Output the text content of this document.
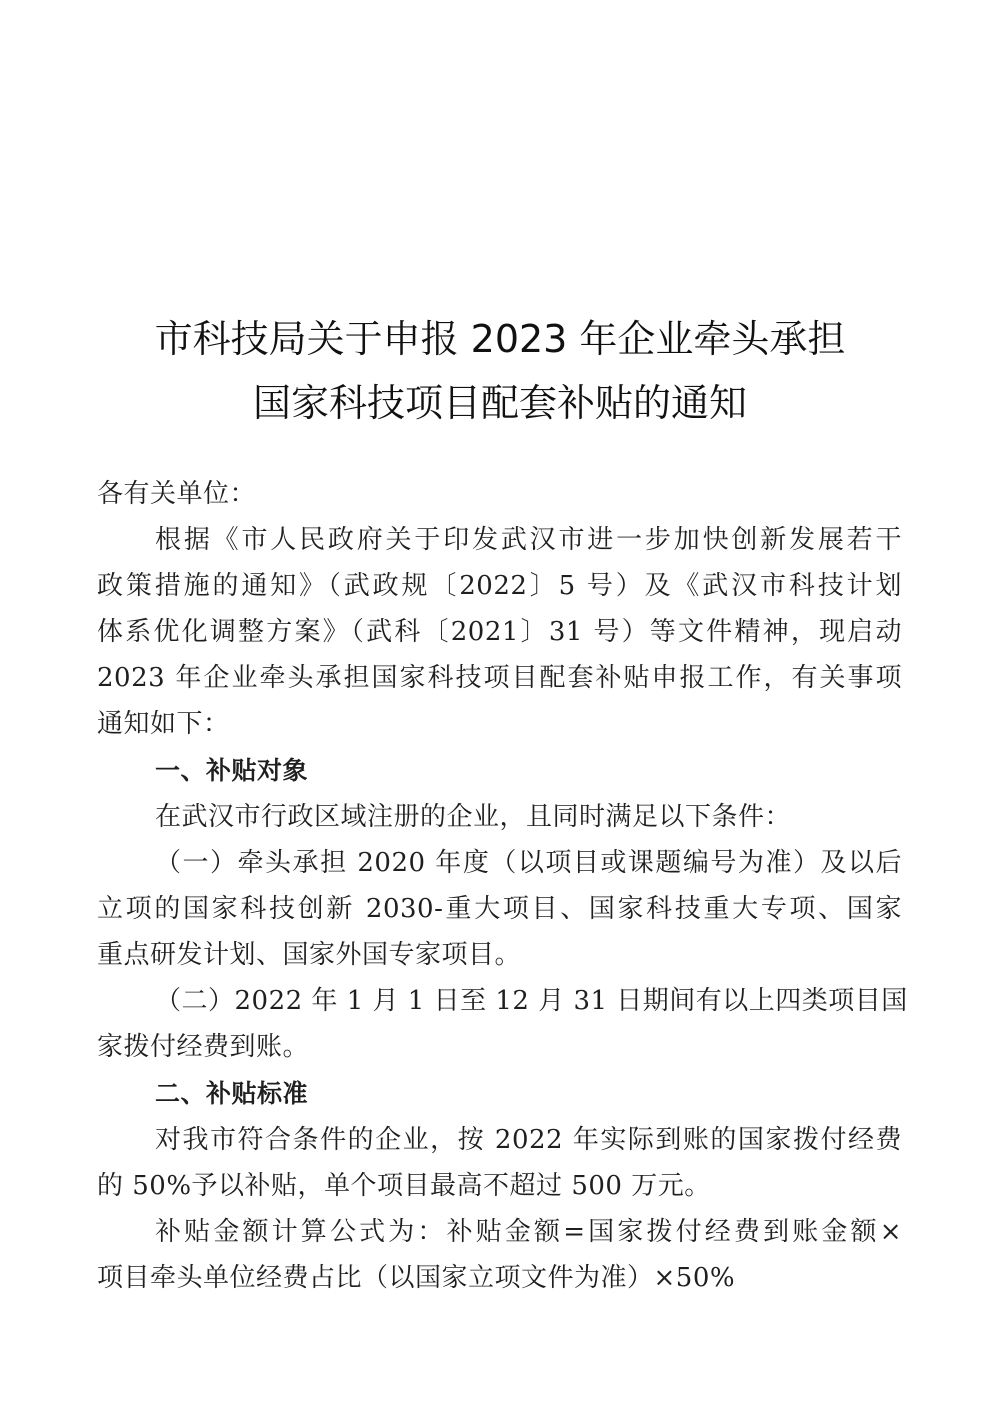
市科技局关于申报 2023 年企业牵头承担
国家科技项目配套补贴的通知
各有关单位：
根据《市人民政府关于印发武汉市进一步加快创新发展若干
政策措施的通知》（武政规〔2022〕5 号）及《武汉市科技计划
体系优化调整方案》（武科〔2021〕31 号）等文件精神，现启动
2023 年企业牵头承担国家科技项目配套补贴申报工作，有关事项
通知如下：
一、补贴对象
在武汉市行政区域注册的企业，且同时满足以下条件：
（一）牵头承担 2020 年度（以项目或课题编号为准）及以后
立项的国家科技创新 2030-重大项目、国家科技重大专项、国家
重点研发计划、国家外国专家项目。
（二）2022 年 1 月 1 日至 12 月 31 日期间有以上四类项目国
家拨付经费到账。
二、补贴标准
对我市符合条件的企业，按 2022 年实际到账的国家拨付经费
的 50%予以补贴，单个项目最高不超过 500 万元。
补贴金额计算公式为：补贴金额=国家拨付经费到账金额×
项目牵头单位经费占比（以国家立项文件为准）×50%
